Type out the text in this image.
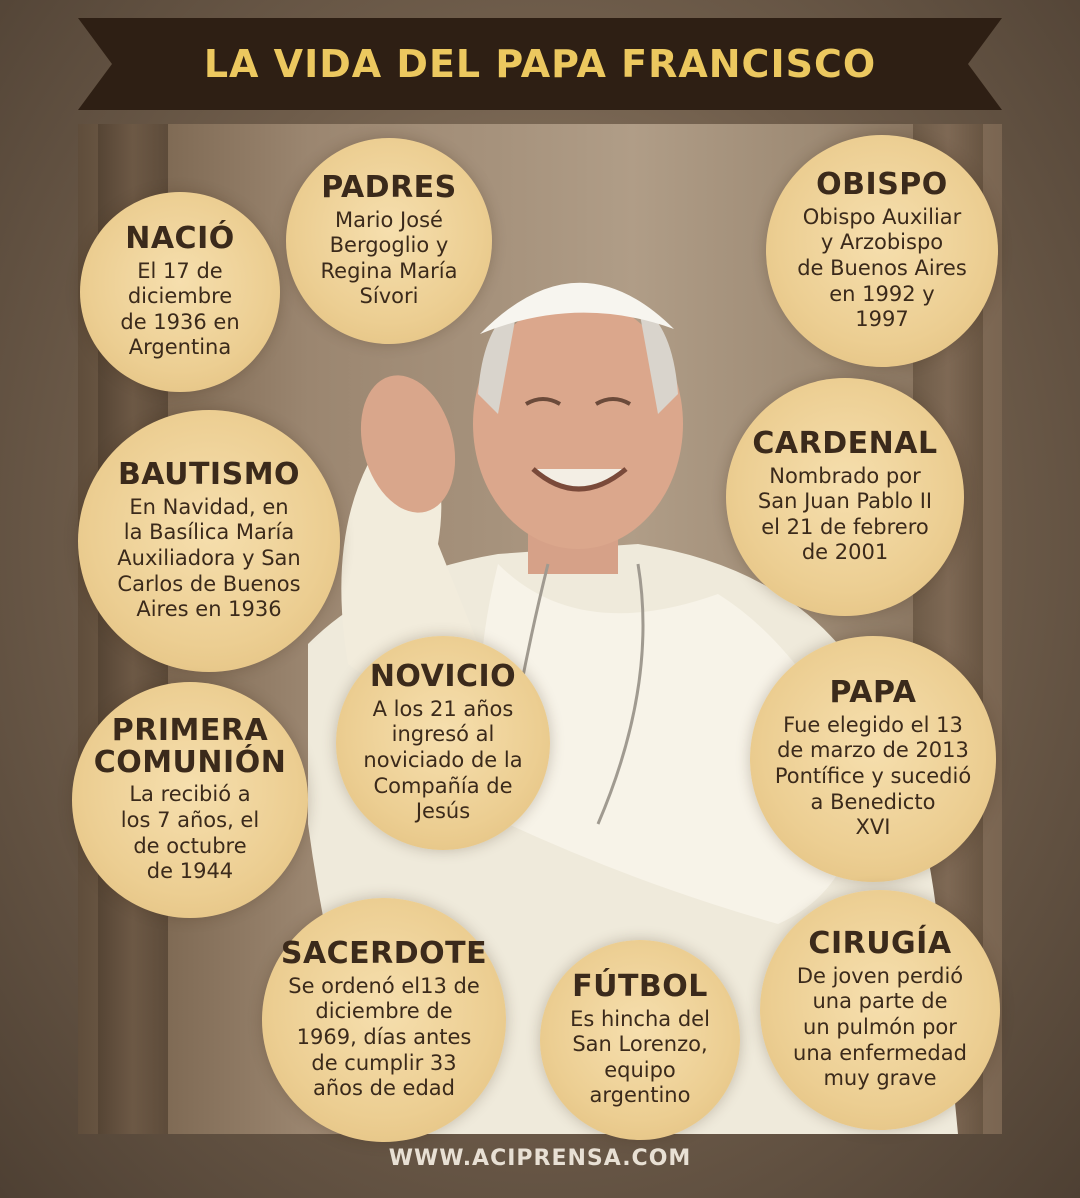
LA VIDA DEL PAPA FRANCISCO
NACIÓ
El 17 de
diciembre
de 1936 en
Argentina
PADRES
Mario José
Bergoglio y
Regina María
Sívori
OBISPO
Obispo Auxiliar
y Arzobispo
de Buenos Aires
en 1992 y
1997
BAUTISMO
En Navidad, en
la Basílica María
Auxiliadora y San
Carlos de Buenos
Aires en 1936
CARDENAL
Nombrado por
San Juan Pablo II
el 21 de febrero
de 2001
NOVICIO
A los 21 años
ingresó al
noviciado de la
Compañía de
Jesús
PAPA
Fue elegido el 13
de marzo de 2013
Pontífice y sucedió
a Benedicto
XVI
PRIMERA
COMUNIÓN
La recibió a
los 7 años, el
de octubre
de 1944
SACERDOTE
Se ordenó el13 de
diciembre de
1969, días antes
de cumplir 33
años de edad
FÚTBOL
Es hincha del
San Lorenzo,
equipo
argentino
CIRUGÍA
De joven perdió
una parte de
un pulmón por
una enfermedad
muy grave
WWW.ACIPRENSA.COM
